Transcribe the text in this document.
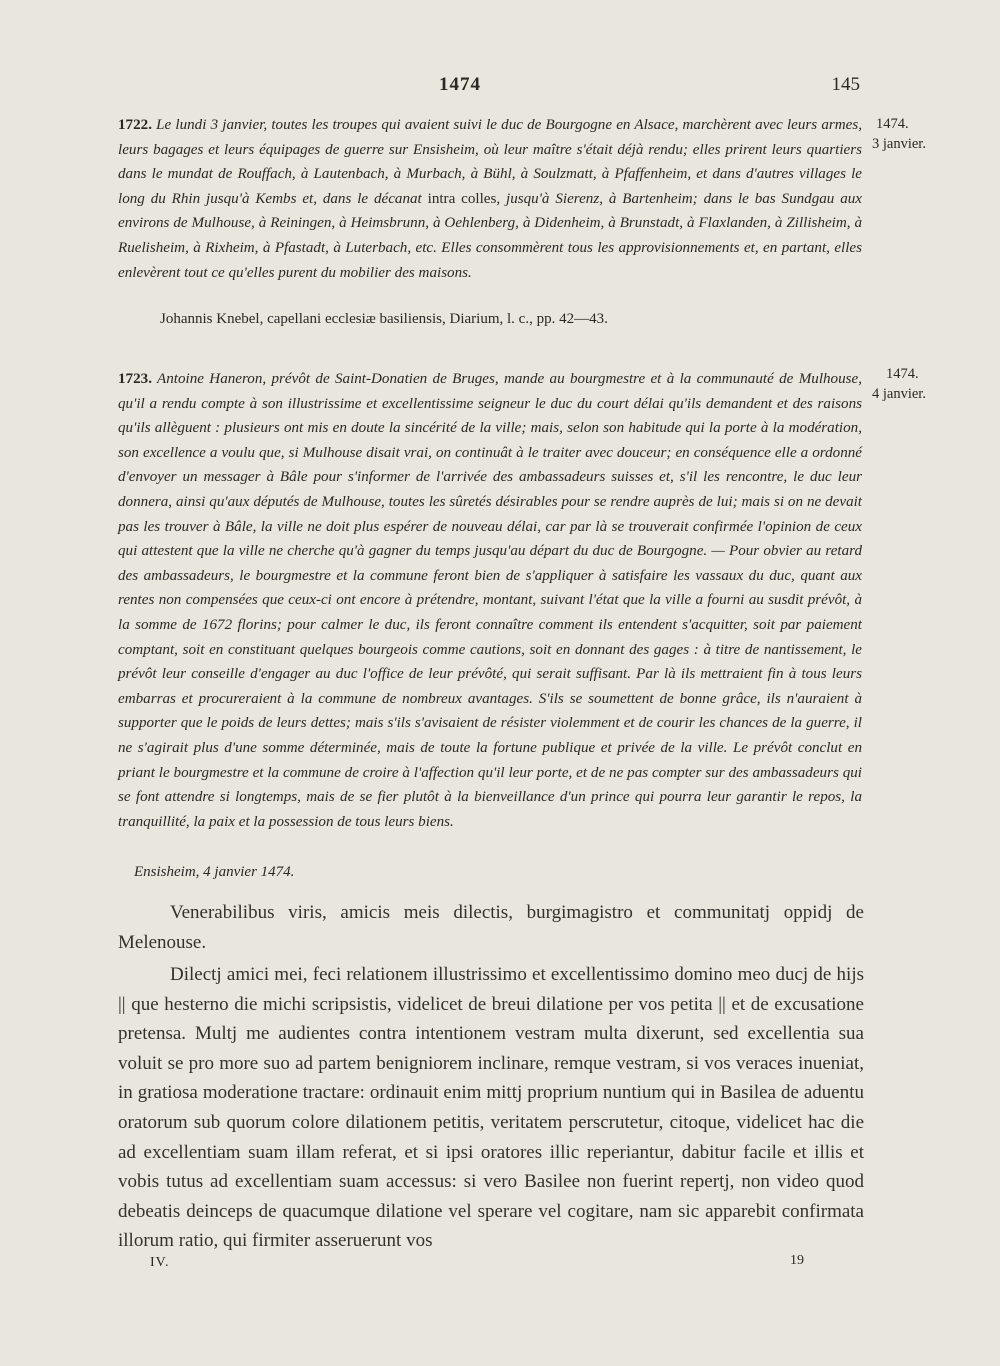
1474	145

1722. Le lundi 3 janvier, toutes les troupes qui avaient suivi le duc de Bourgogne en Alsace, marchèrent avec leurs armes, leurs bagages et leurs équipages de guerre sur Ensisheim, où leur maître s'était déjà rendu; elles prirent leurs quartiers dans le mundat de Rouffach, à Lautenbach, à Murbach, à Bühl, à Soulzmatt, à Pfaffenheim, et dans d'autres villages le long du Rhin jusqu'à Kembs et, dans le décanat intra colles, jusqu'à Sierenz, à Bartenheim; dans le bas Sundgau aux environs de Mulhouse, à Reiningen, à Heimsbrunn, à Oehlenberg, à Didenheim, à Brunstadt, à Flaxlanden, à Zillisheim, à Ruelisheim, à Rixheim, à Pfastadt, à Luterbach, etc. Elles consommèrent tous les approvisionnements et, en partant, elles enlevèrent tout ce qu'elles purent du mobilier des maisons.

1474.
3 janvier.
Johannis Knebel, capellani ecclesiæ basiliensis, Diarium, l. c., pp. 42—43.

1723. Antoine Haneron, prévôt de Saint-Donatien de Bruges, mande au bourgmestre et à la communauté de Mulhouse, qu'il a rendu compte à son illustrissime et excellentissime seigneur le duc du court délai qu'ils demandent et des raisons qu'ils allèguent : plusieurs ont mis en doute la sincérité de la ville; mais, selon son habitude qui la porte à la modération, son excellence a voulu que, si Mulhouse disait vrai, on continuât à le traiter avec douceur; en conséquence elle a ordonné d'envoyer un messager à Bâle pour s'informer de l'arrivée des ambassadeurs suisses et, s'il les rencontre, le duc leur donnera, ainsi qu'aux députés de Mulhouse, toutes les sûretés désirables pour se rendre auprès de lui; mais si on ne devait pas les trouver à Bâle, la ville ne doit plus espérer de nouveau délai, car par là se trouverait confirmée l'opinion de ceux qui attestent que la ville ne cherche qu'à gagner du temps jusqu'au départ du duc de Bourgogne. — Pour obvier au retard des ambassadeurs, le bourgmestre et la commune feront bien de s'appliquer à satisfaire les vassaux du duc, quant aux rentes non compensées que ceux-ci ont encore à prétendre, montant, suivant l'état que la ville a fourni au susdit prévôt, à la somme de 1672 florins; pour calmer le duc, ils feront connaître comment ils entendent s'acquitter, soit par paiement comptant, soit en constituant quelques bourgeois comme cautions, soit en donnant des gages : à titre de nantissement, le prévôt leur conseille d'engager au duc l'office de leur prévôté, qui serait suffisant. Par là ils mettraient fin à tous leurs embarras et procureraient à la commune de nombreux avantages. S'ils se soumettent de bonne grâce, ils n'auraient à supporter que le poids de leurs dettes; mais s'ils s'avisaient de résister violemment et de courir les chances de la guerre, il ne s'agirait plus d'une somme déterminée, mais de toute la fortune publique et privée de la ville. Le prévôt conclut en priant le bourgmestre et la commune de croire à l'affection qu'il leur porte, et de ne pas compter sur des ambassadeurs qui se font attendre si longtemps, mais de se fier plutôt à la bienveillance d'un prince qui pourra leur garantir le repos, la tranquillité, la paix et la possession de tous leurs biens.

1474.
4 janvier.
Ensisheim, 4 janvier 1474.
Venerabilibus viris, amicis meis dilectis, burgimagistro et communitatj oppidj de Melenouse.
Dilectj amici mei, feci relationem illustrissimo et excellentissimo domino meo ducj de hijs || que hesterno die michi scripsistis, videlicet de breui dilatione per vos petita || et de excusatione pretensa. Multj me audientes contra intentionem vestram multa dixerunt, sed excellentia sua voluit se pro more suo ad partem benigniorem inclinare, remque vestram, si vos veraces inueniat, in gratiosa moderatione tractare: ordinauit enim mittj proprium nuntium qui in Basilea de aduentu oratorum sub quorum colore dilationem petitis, veritatem perscrutetur, citoque, videlicet hac die ad excellentiam suam illam referat, et si ipsi oratores illic reperiantur, dabitur facile et illis et vobis tutus ad excellentiam suam accessus: si vero Basilee non fuerint repertj, non video quod debeatis deinceps de quacumque dilatione vel sperare vel cogitare, nam sic apparebit confirmata illorum ratio, qui firmiter asseruerunt vos
IV.	19
